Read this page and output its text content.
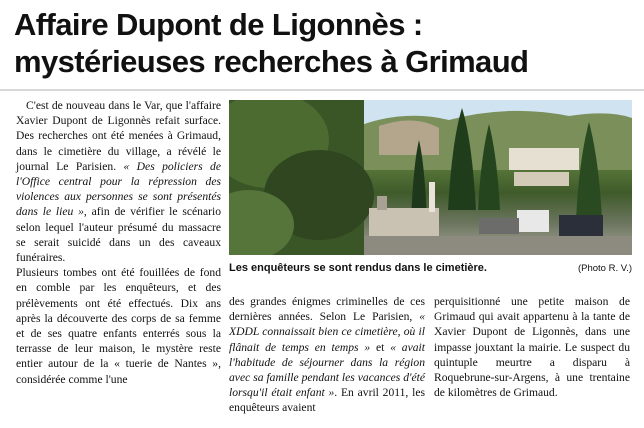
Affaire Dupont de Ligonnès :
mystérieuses recherches à Grimaud

C'est de nouveau dans le Var, que l'affaire Xavier Dupont de Ligonnès refait surface. Des recherches ont été menées à Grimaud, dans le cimetière du village, a révélé le journal Le Parisien. « Des policiers de l'Office central pour la répression des violences aux personnes se sont présentés dans le lieu », afin de vérifier le scénario selon lequel l'auteur présumé du massacre se serait suicidé dans un des caveaux funéraires.

Plusieurs tombes ont été fouillées de fond en comble par les enquêteurs, et des prélèvements ont été effectués. Dix ans après la découverte des corps de sa femme et de ses quatre enfants enterrés sous la terrasse de leur maison, le mystère reste entier autour de la « tuerie de Nantes », considérée comme l'une

Les enquêteurs se sont rendus dans le cimetière.	(Photo R. V.)

des grandes énigmes criminelles de ces dernières années. Selon Le Parisien, « XDDL connaissait bien ce cimetière, où il flânait de temps en temps » et « avait l'habitude de séjourner dans la région avec sa famille pendant les vacances d'été lorsqu'il était enfant ». En avril 2011, les enquêteurs avaient

perquisitionné une petite maison de Grimaud qui avait appartenu à la tante de Xavier Dupont de Ligonnès, dans une impasse jouxtant la mairie. Le suspect du quintuple meurtre a disparu à Roquebrune-sur-Argens, à une trentaine de kilomètres de Grimaud.
